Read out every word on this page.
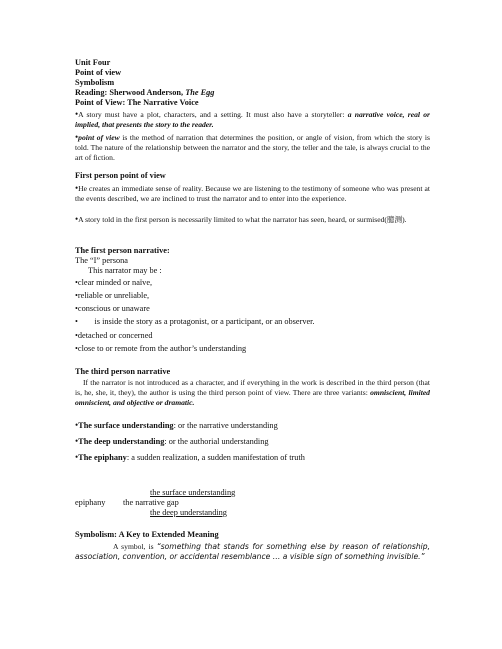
Unit Four
Point of view
Symbolism
Reading: Sherwood Anderson, The Egg
Point of View: The Narrative Voice
•A story must have a plot, characters, and a setting. It must also have a storyteller: a narrative voice, real or implied, that presents the story to the reader.
•point of view is the method of narration that determines the position, or angle of vision, from which the story is told. The nature of the relationship between the narrator and the story, the teller and the tale, is always crucial to the art of fiction.
First person point of view
•He creates an immediate sense of reality. Because we are listening to the testimony of someone who was present at the events described, we are inclined to trust the narrator and to enter into the experience.
•A story told in the first person is necessarily limited to what the narrator has seen, heard, or surmised(臆测).
The first person narrative:
The “I” persona
This narrator may be :
•clear minded or naïve,
•reliable or unreliable,
•conscious or unaware
•        is inside the story as a protagonist, or a participant, or an observer.
•detached or concerned
•close to or remote from the author’s understanding
The third person narrative
If the narrator is not introduced as a character, and if everything in the work is described in the third person (that is, he, she, it, they), the author is using the third person point of view. There are three variants: omniscient, limited omniscient, and objective or dramatic.
•The surface understanding: or the narrative understanding
•The deep understanding: or the authorial understanding
•The epiphany: a sudden realization, a sudden manifestation of truth
the surface understanding
epiphany the narrative gap
the deep understanding
Symbolism: A Key to Extended Meaning
A symbol, is “something that stands for something else by reason of relationship, association, convention, or accidental resemblance … a visible sign of something invisible.”
